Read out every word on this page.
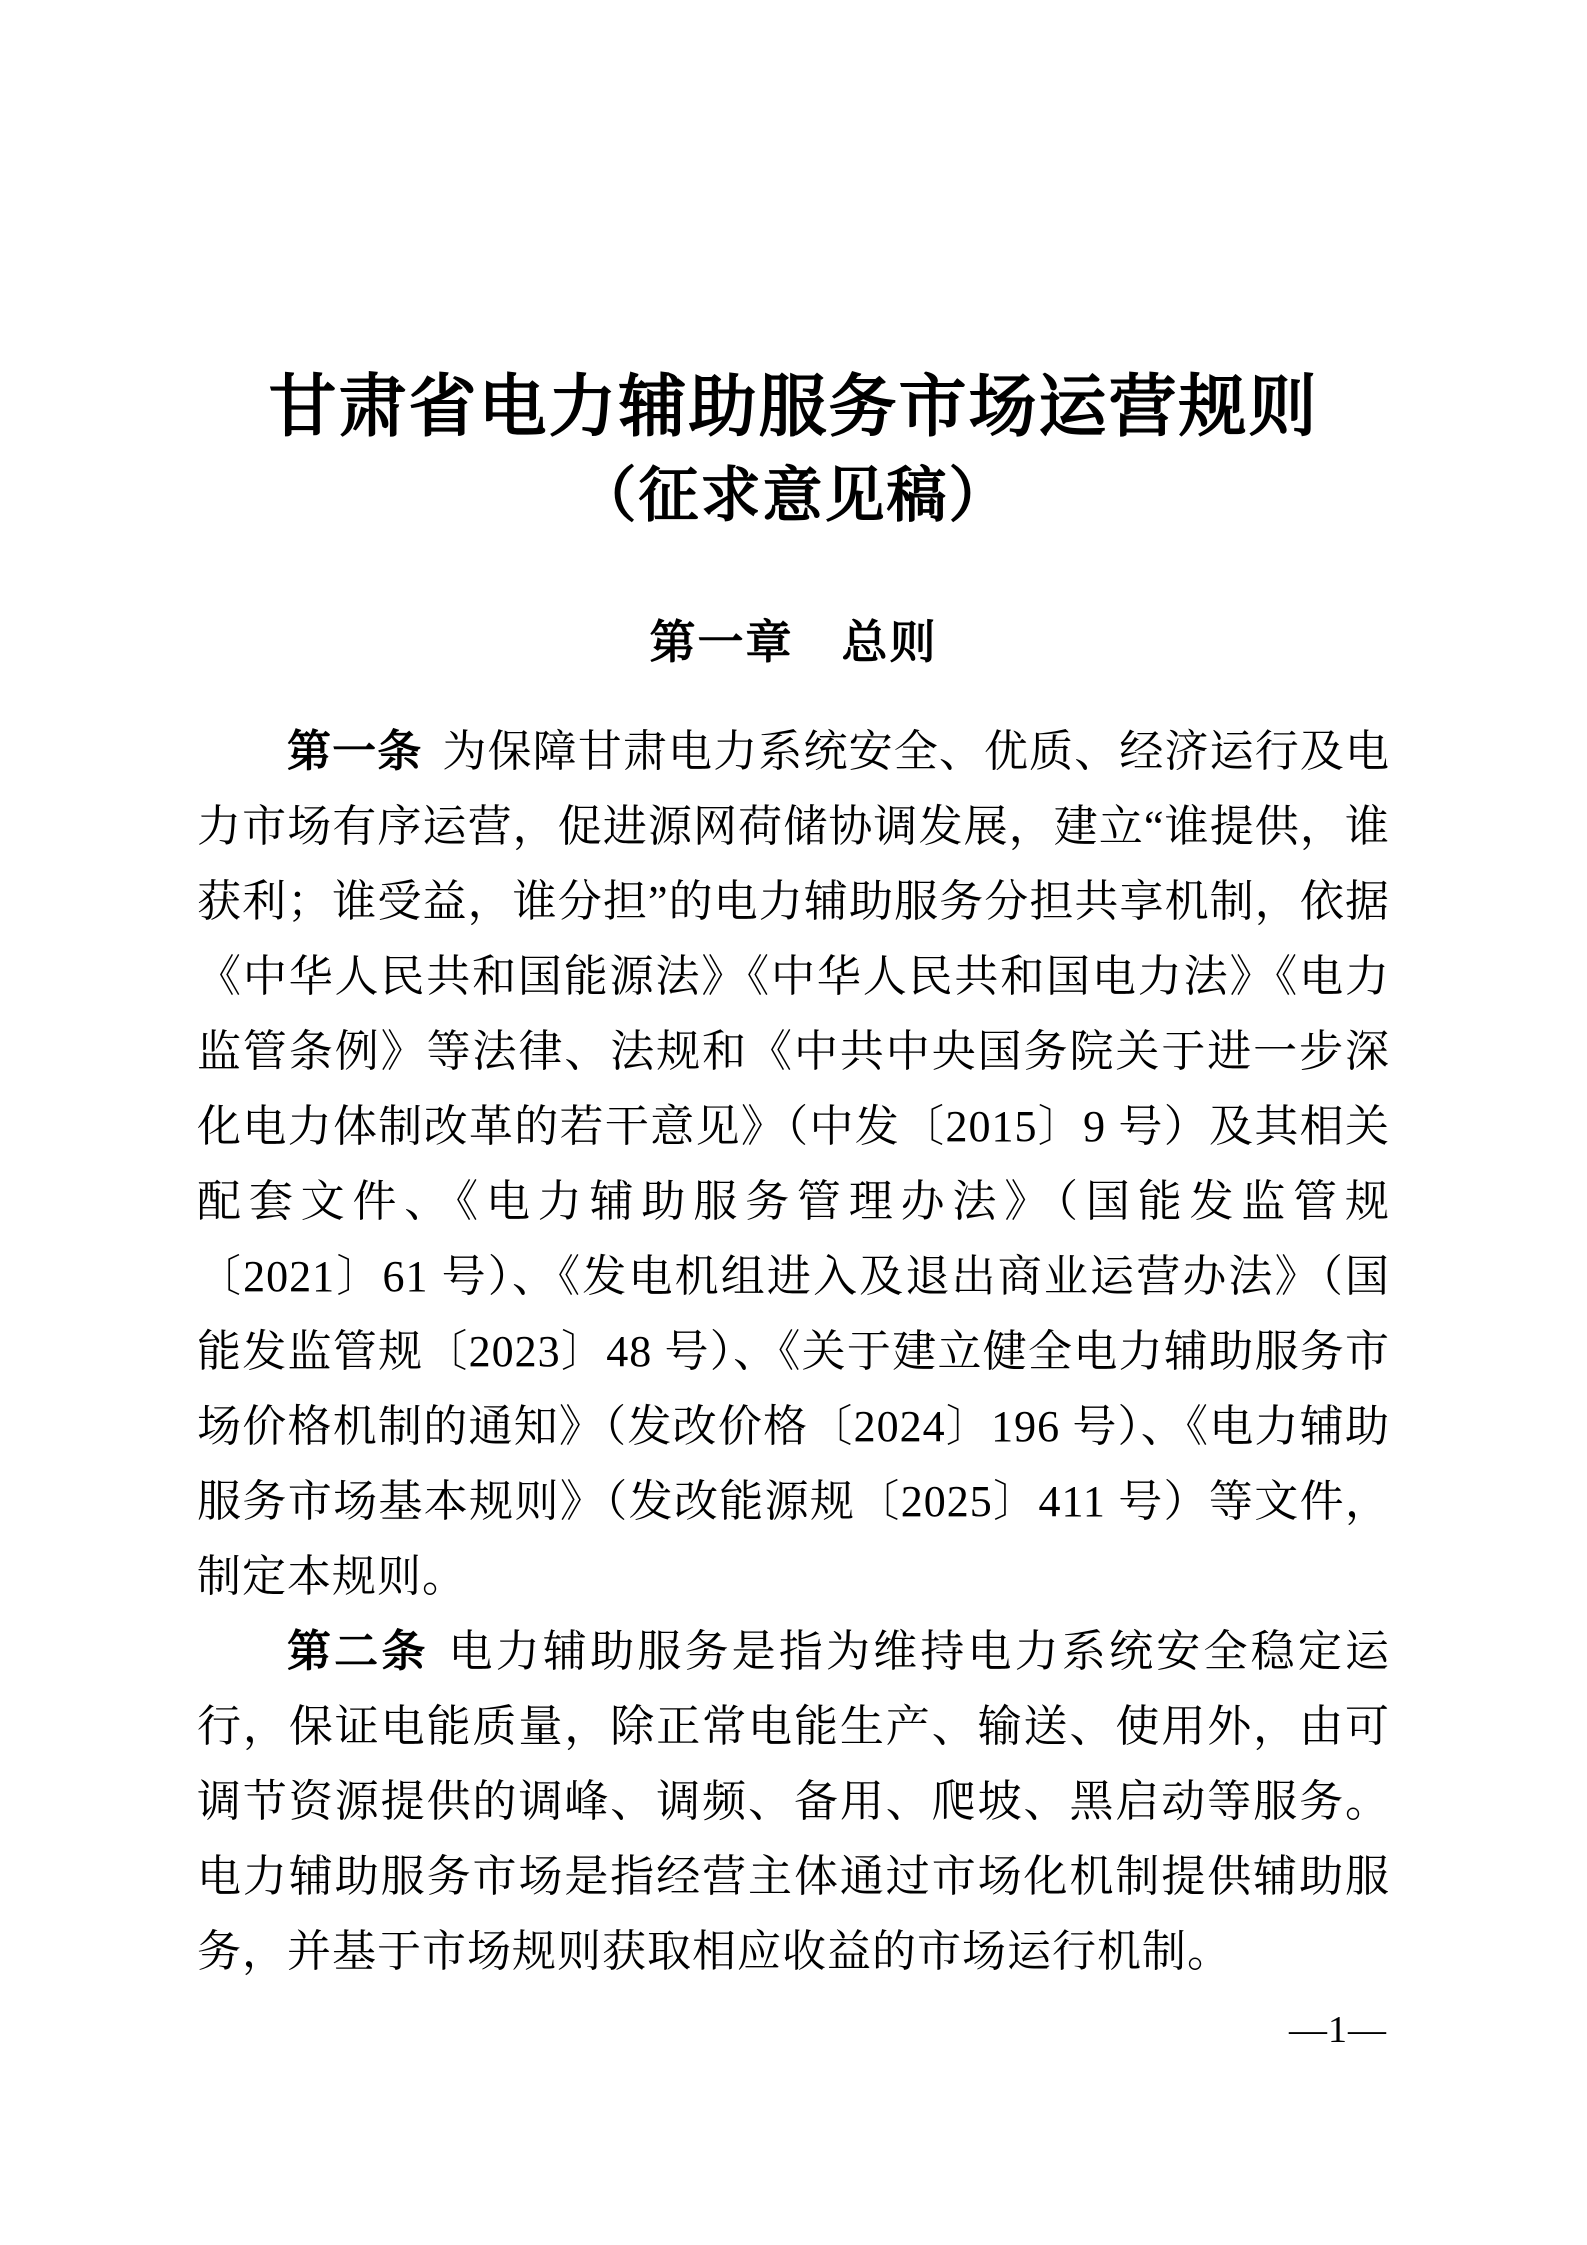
甘肃省电力辅助服务市场运营规则
（征求意见稿）
第一章　总则

第一条 为保障甘肃电力系统安全、优质、经济运行及电力市场有序运营，促进源网荷储协调发展，建立“谁提供，谁获利；谁受益，谁分担”的电力辅助服务分担共享机制，依据《中华人民共和国能源法》《中华人民共和国电力法》《电力监管条例》等法律、法规和《中共中央国务院关于进一步深化电力体制改革的若干意见》（中发〔2015〕9 号）及其相关配套文件、《电力辅助服务管理办法》（国能发监管规〔2021〕61 号）、《发电机组进入及退出商业运营办法》（国能发监管规〔2023〕48 号）、《关于建立健全电力辅助服务市场价格机制的通知》（发改价格〔2024〕196 号）、《电力辅助服务市场基本规则》（发改能源规〔2025〕411 号）等文件，制定本规则。

第二条 电力辅助服务是指为维持电力系统安全稳定运行，保证电能质量，除正常电能生产、输送、使用外，由可调节资源提供的调峰、调频、备用、爬坡、黑启动等服务。电力辅助服务市场是指经营主体通过市场化机制提供辅助服务，并基于市场规则获取相应收益的市场运行机制。

—1—
